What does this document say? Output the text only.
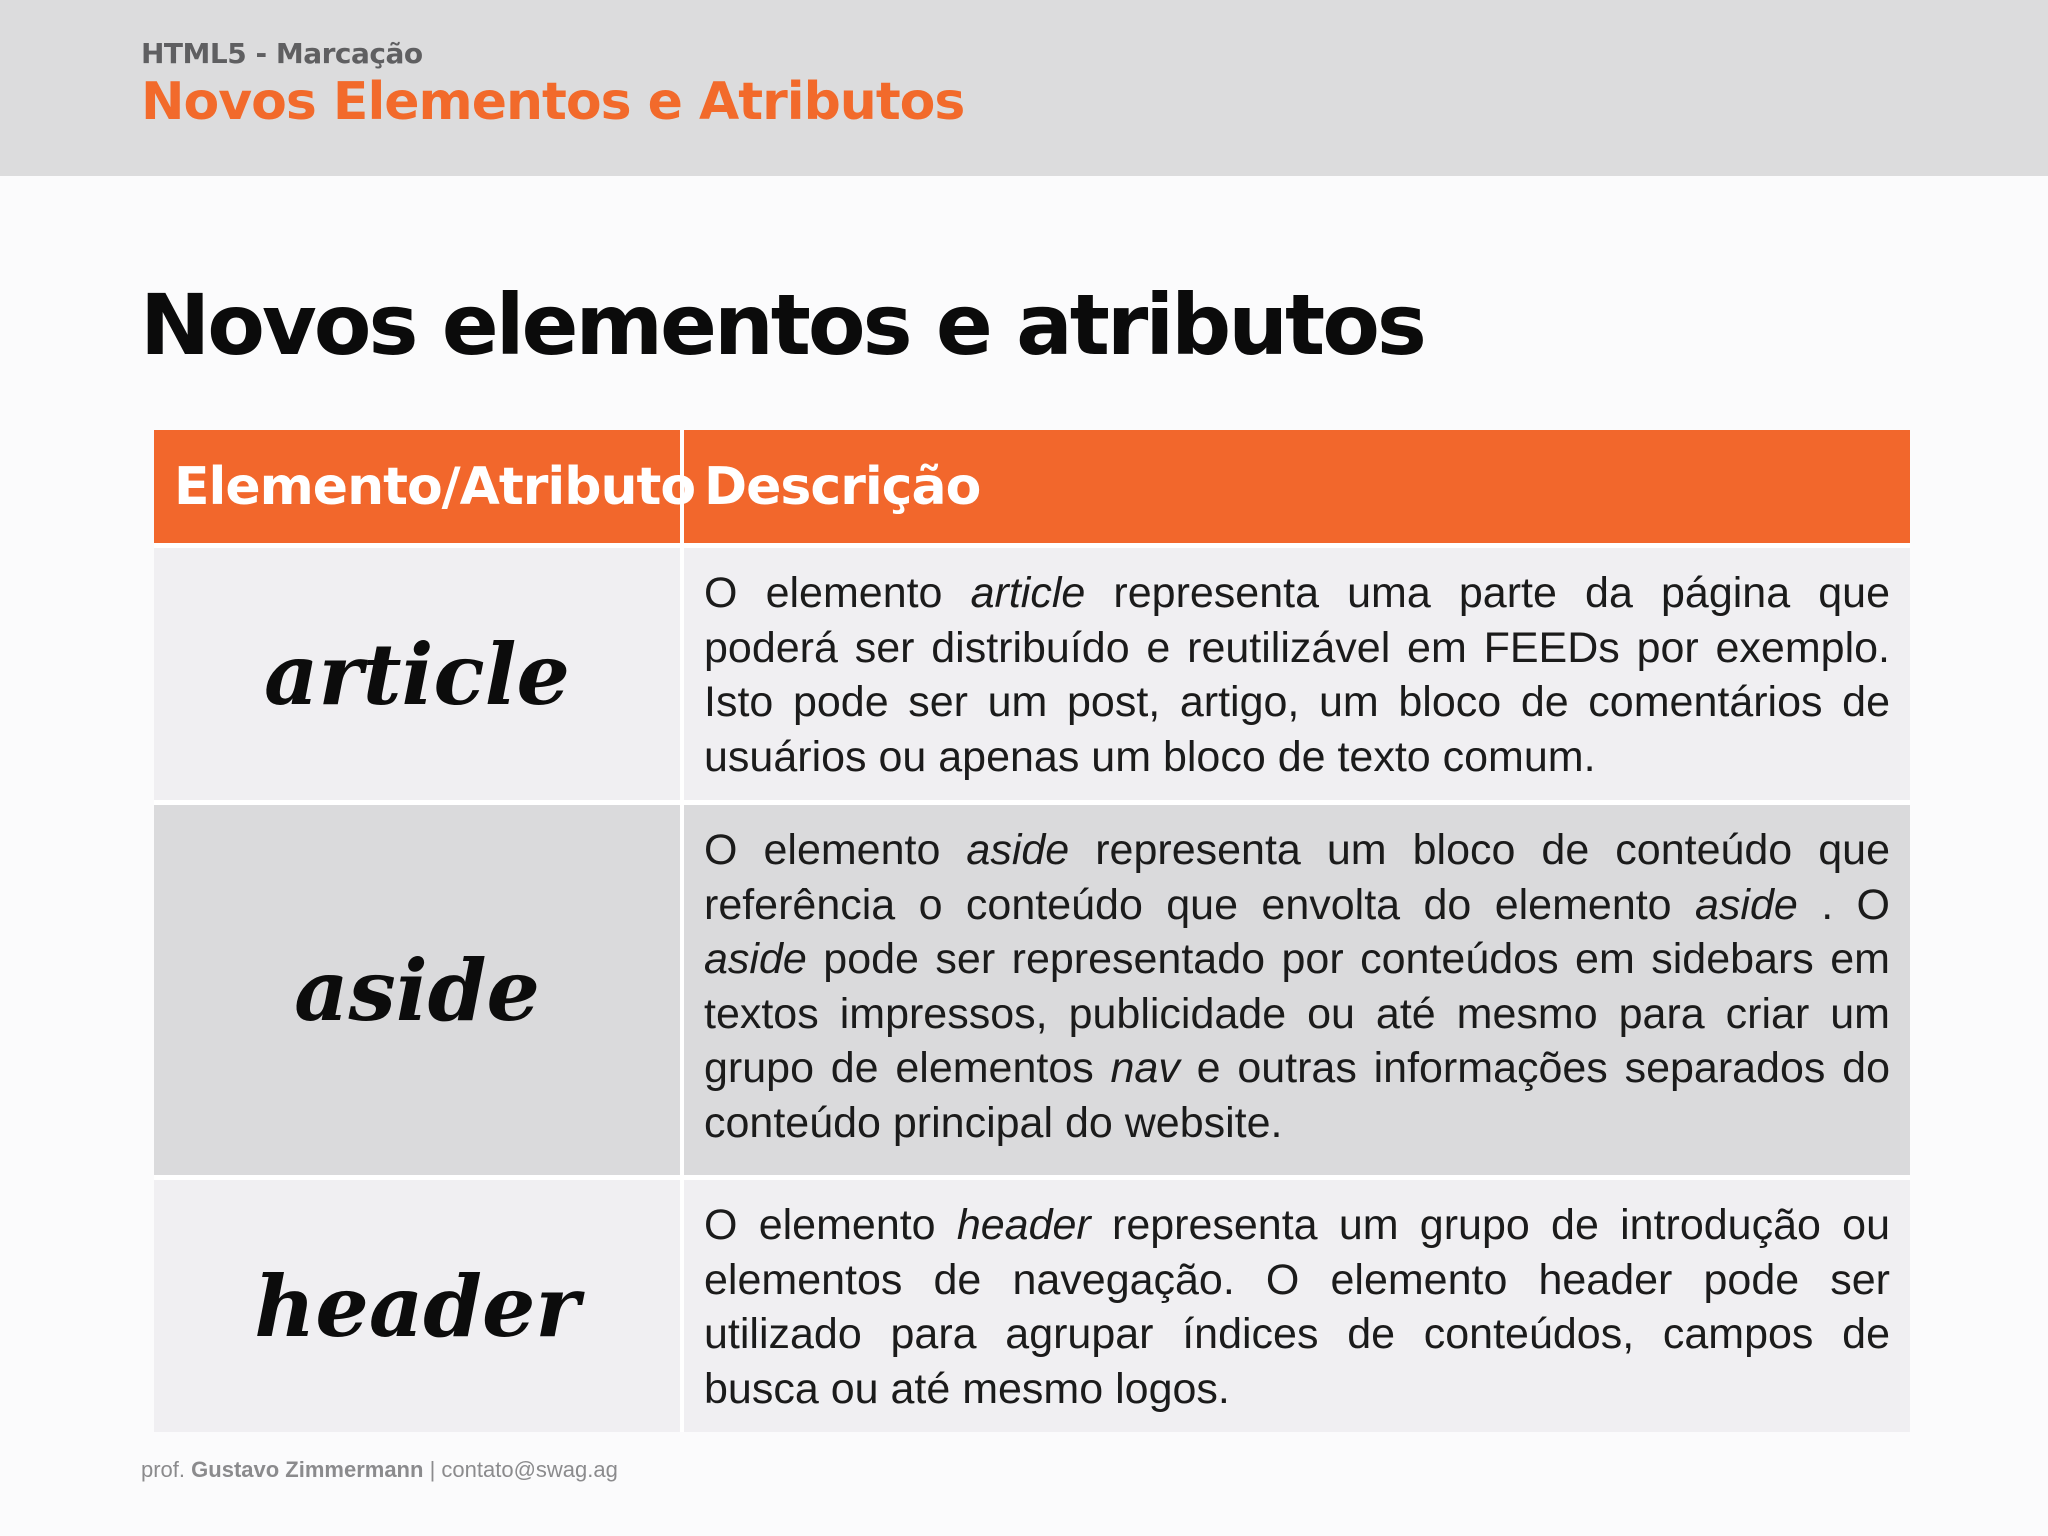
HTML5 - Marcação
Novos Elementos e Atributos
Novos elementos e atributos
Elemento/Atributo Descrição
article
O elemento article representa uma parte da página que poderá ser distribuído e reutilizável em FEEDs por exemplo. Isto pode ser um post, artigo, um bloco de comentários de usuários ou apenas um bloco de texto comum.
aside
O elemento aside representa um bloco de conteúdo que referência o conteúdo que envolta do elemento aside . O aside pode ser representado por conteúdos em sidebars em textos impressos, publicidade ou até mesmo para criar um grupo de elementos nav e outras informações separados do conteúdo principal do website.
header
O elemento header representa um grupo de introdução ou elementos de navegação. O elemento header pode ser utilizado para agrupar índices de conteúdos, campos de busca ou até mesmo logos.
prof. Gustavo Zimmermann | contato@swag.ag
